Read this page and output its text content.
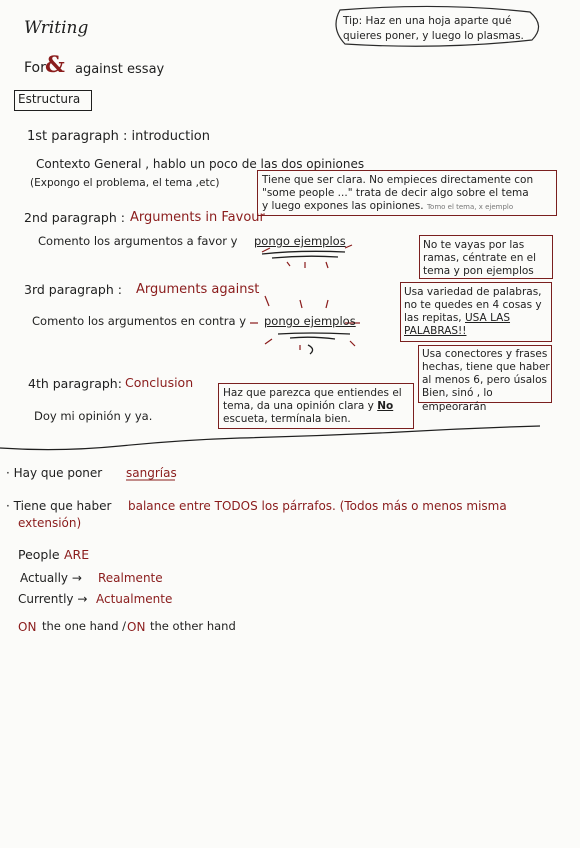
Writing
For & against essay
Tip: Haz en una hoja aparte qué quieres poner, y luego lo plasmas.
Estructura
1st paragraph : introduction
Contexto General , hablo un poco de las dos opiniones
(Expongo el problema, el tema ,etc)	Tiene que ser clara. No empieces directamente con
"some people ..." trata de decir algo sobre el tema
y luego expones las opiniones. Tomo el tema, x ejemplo
2nd paragraph : Arguments in Favour
Comento los argumentos a favor y pongo ejemplos	No te vayas por las ramas, céntrate en el tema y pon ejemplos
3rd paragraph : Arguments against
Comento los argumentos en contra y pongo ejemplos
Usa variedad de palabras, no te quedes en 4 cosas y las repitas, USA LAS PALABRAS!!
Usa conectores y frases hechas, tiene que haber al menos 6, pero úsalos Bien, sinó , lo empeorarán
4th paragraph: Conclusion
Doy mi opinión y ya.
Haz que parezca que entiendes el tema, da una opinión clara y No escueta, termínala bien.
· Hay que poner sangrías
· Tiene que haber balance entre TODOS los párrafos. (Todos más o menos misma
extensión)
People ARE
Actually → Realmente
Currently → Actualmente
ON the one hand / ON the other hand
